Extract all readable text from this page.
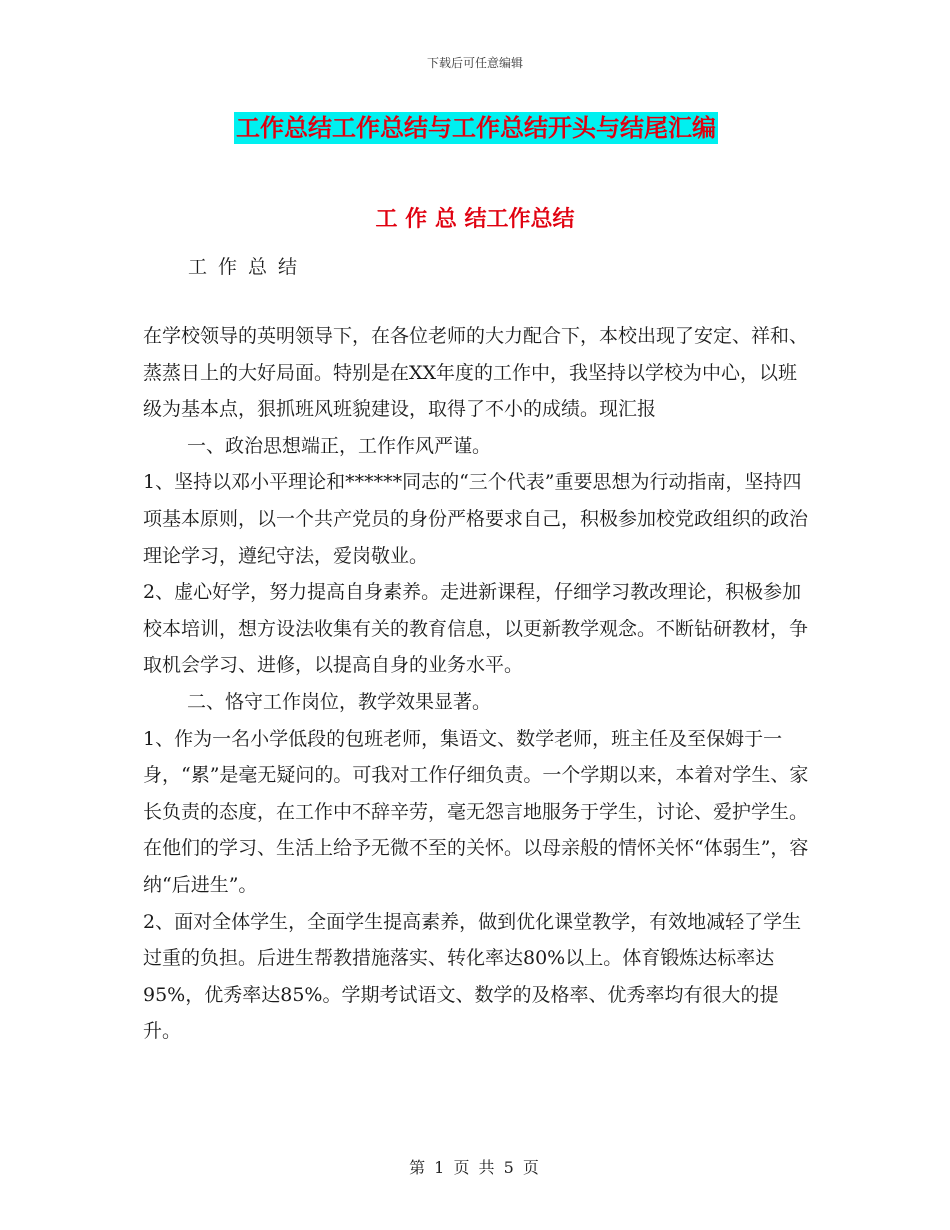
下载后可任意编辑
工作总结工作总结与工作总结开头与结尾汇编
工 作 总 结工作总结
工作总结

在学校领导的英明领导下，在各位老师的大力配合下，本校出现了安定、祥和、蒸蒸日上的大好局面。特别是在XX年度的工作中，我坚持以学校为中心，以班级为基本点，狠抓班风班貌建设，取得了不小的成绩。现汇报

一、政治思想端正，工作作风严谨。

1、坚持以邓小平理论和******同志的“三个代表”重要思想为行动指南，坚持四项基本原则，以一个共产党员的身份严格要求自己，积极参加校党政组织的政治理论学习，遵纪守法，爱岗敬业。

2、虚心好学，努力提高自身素养。走进新课程，仔细学习教改理论，积极参加校本培训，想方设法收集有关的教育信息，以更新教学观念。不断钻研教材，争取机会学习、进修，以提高自身的业务水平。

二、恪守工作岗位，教学效果显著。

1、作为一名小学低段的包班老师，集语文、数学老师，班主任及至保姆于一身，“累”是毫无疑问的。可我对工作仔细负责。一个学期以来，本着对学生、家长负责的态度，在工作中不辞辛劳，毫无怨言地服务于学生，讨论、爱护学生。在他们的学习、生活上给予无微不至的关怀。以母亲般的情怀关怀“体弱生”，容纳“后进生”。

2、面对全体学生，全面学生提高素养，做到优化课堂教学，有效地减轻了学生过重的负担。后进生帮教措施落实、转化率达80%以上。体育锻炼达标率达95%，优秀率达85%。学期考试语文、数学的及格率、优秀率均有很大的提升。

第 1 页 共 5 页
